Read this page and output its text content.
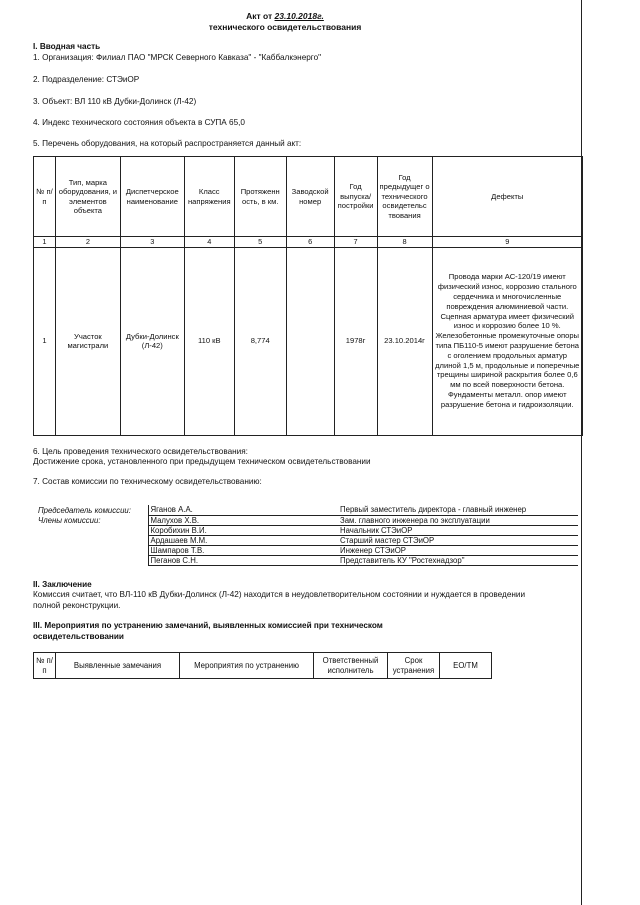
Акт от 23.10.2018г.
технического освидетельствования
I. Вводная часть
1. Организация: Филиал ПАО "МРСК Северного Кавказа" - "Каббалкэнерго"
2. Подразделение: СТЭиОР
3. Объект: ВЛ 110 кВ Дубки-Долинск (Л-42)
4. Индекс технического состояния объекта в СУПА 65,0
5. Перечень оборудования, на который распространяется данный акт:
№ п/п	Тип, марка оборудования, и элементов объекта	Диспетчерское наименование	Класс напряжения	Протяженн ость, в км.	Заводской номер	Год выпуска/ постройки	Год предыдущег о технического освидетельс твования	Дефекты
1	2	3	4	5	6	7	8	9
1	Участок магистрали	Дубки-Долинск (Л-42)	110 кВ	8,774		1978г	23.10.2014г	Провода марки АС-120/19 имеют физический износ, коррозию стального сердечника и многочисленные повреждения алюминиевой части. Сцепная арматура имеет физический износ и коррозию более 10 %. Железобетонные промежуточные опоры типа ПБ110-5 имеют разрушение бетона с оголением продольных арматур длиной 1,5 м, продольные и поперечные трещины шириной раскрытия более 0,6 мм по всей поверхности бетона. Фундаменты металл. опор имеют разрушение бетона и гидроизоляции.
6. Цель проведения технического освидетельствования:
Достижение срока, установленного при предыдущем техническом освидетельствовании
7. Состав комиссии по техническому освидетельствованию:
Председатель комиссии:	Яганов А.А.	Первый заместитель директора - главный инженер
Члены комиссии:	Малухов Х.В.	Зам. главного инженера по эксплуатации
	Коробихин В.И.	Начальник СТЭиОР
	Ардашаев М.М.	Старший мастер СТЭиОР
	Шампаров Т.В.	Инженер СТЭиОР
	Пеганов С.Н.	Представитель КУ "Ростехнадзор"
II. Заключение
Комиссия считает, что ВЛ-110 кВ Дубки-Долинск (Л-42) находится в неудовлетворительном состоянии и нуждается в проведении
полной реконструкции.
III. Мероприятия по устранению замечаний, выявленных комиссией при техническом
освидетельствовании
№ п/п	Выявленные замечания	Мероприятия по устранению	Ответственный исполнитель	Срок устранения	ЕО/ТМ
